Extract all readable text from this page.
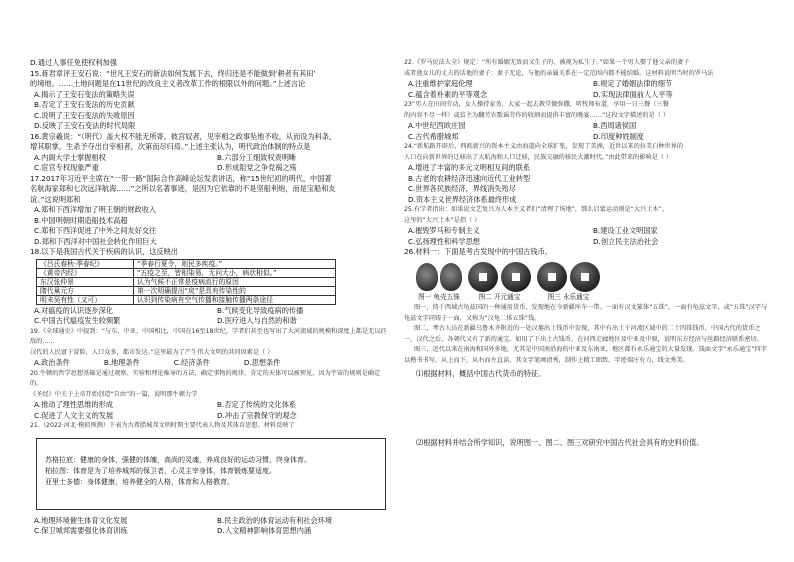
D.通过人事任免使权利加强
15.蒋君章评王安石说：“世凡王安石的新法如何发展下去，终归还是不能做到‘耕者有其田’
的境地。……土地问题是在11世纪的改良主义者改革工作的根限以外的问题。”上述言论
A.揭示了王安石变法的策略失误
B.否定了王安石变法的历史贡献
C.说明了王安石变法的失败原因
D.反映了王安石变法的时代局限
16.黄宗羲说：“（明代）盖大权不能无所寄，彼宫奴者，见宰相之政事坠地不收，从而设为科条，
增其职掌，生杀予夺出自宰相者，次第而尽归焉。”上述主张认为，明代政治体制的特点是
A.内阁大学士掌握相权	B.六部分工细致权责明晰
C.宦官专权现象严重	D.形成阻党之争党祸之殇
17.2017年习近平主席在“一带一路”国际合作高峰论坛发表讲话，称“15世纪初的明代，中国著
名航海家郑和七次远洋航海……”之所以名著事迹，是因为它依靠的不是坚船利炮，而是宝船和友
谊。”这说明郑和
A.郑和下西洋增加了明王朝的财政收入
B.中国明朝时期造船技术高超
C.郑和下西洋促进了中外之间友好交往
D.郑和下西洋对中国社会转化作用巨大
18.以下是我国古代关于疾病的认识，这反映出
《吕氏春秋·季春纪》	“季春行夏令，则民多疾疫。”
《黄帝内经》	“五疫之至，皆相染易，无问大小，病状相似。”
东汉张仲景	认为气候不正常是疫病流行的原因
隋代巢元方	第一次明确提出“戾”是具有传染性的
明末吴有性（又可）	认识到传染病有空气传播和接触传播两条途径
A.对瘟疫的认识逐步深化	B.气候变化导致疫病的传播
C.中国古代瘟疫发生较频繁	D.医疗进入与自然的和谐
19.《全球通史》中提到：“与东、中亚、中国相比，中国在16至18世纪，学者们甚至也写出了大河流域的规模和深度上都是无以匹敌的……
汉代的人民富于冒险，人口众多，都市发达。”这里最为了产生伟大文明的共同因素是（ ）
A.政治条件	B.地理条件	C.经济条件	D.思想条件
20.牛顿的哲学思想基础是通过观察、实验和理论推导的方法，确定事物的规律，肯定的天体可以被预见，因为宇宙的规则是确定的。
《圣经》中关于上帝开始创造“自由”的一篇，说明那牛顿力学
A.推动了理性思维的形成	B.否定了传统的文化体系
C.促进了人文主义的发展	D.冲击了宗教保守的观念
21.（2022·河北·模拟预测）下表为古希腊城邦文明时期主要代表人物及其体育思想。材料反映了
苏格拉底：健康的身体，强健的体魄，高尚的灵魂，养成良好的运动习惯，终身体育。
柏拉图：体育是为了培养城邦的保卫者，心灵主宰身体，体育锻炼要适度。
亚里士多德：身体健康，培养健全的人格，体育和人格教育。
A.地理环境催生体育文化发展	B.民主政治的体育运动有利社会环境
C.保卫城邦需要强化体育训练	D.人文精神影响体育思想内涵
22.《罗马民法大全》规定：“所有婚姻无效而又生子的，被视为私生子。”如果一个男人娶了他父亲的妻子
或者他女儿的丈夫的话他的妻子；妻子无论，与他的亲属关系在一定范围内都不能结婚。这材料说明当时的罗马法
A.注重维护家庭伦理	B.规定了婚姻法律的细节
C.蕴含着朴素的平等观念	D.实现法律面前人人平等
23“男人在田间劳动，女人操持家务，大家一起去教堂做弥撒，听牧师布道，享用一日三餐（三餐
的内容不尽一样）或贫主为翻劳农歌谣劳作的收割而提供丰富的晚宴……”这段文字描述的是（ ）
A.中世纪西欧庄园	B.西周诸侯国
C.古代希腊城邦	D.印度种姓制度
24.“新航路开辟后，西欧新兴的资本主义由海道向全球扩张，发现了美洲，近世以来的拉美白种世界的
人口在向新世界的迁移出了大航海和人口迁移，民族交融的移民大潮时代。”由此带来的影响是（ ）
A.增进了丰富的多元文明相互间的联系
B.古老的农耕经济迅速向近代工业转型
C.世界各民族经济，界线消失殆尽
D.资本主义世界经济体系最终形成
25.有学者指出：如果说文艺复兴为人本主义者们“清理了场地”，那么启蒙运动则是“大兴土木”。
这里的“大兴土木”是指（ ）
A.摧毁罗马和专制主义	B.建设工业文明国家
C.弘扬理性和科学思想	D.创立民主法治社会
26.材料一：下面是考古发现中的中国古钱币。
图一 龟壳五铢	图二 开元通宝	图三 永乐通宝
图一，铸于西域古龟兹国的一种通用货币，发现地在今新疆库车一带。一面有汉文篆体“五铢”，一面有龟兹文字，或“五铢”汉字与龟兹文字同铸于一面，又称为“汉龟二体五铢”钱。
图二，考古人员在新疆乌鲁木齐附近的一处汉墓出土钱币中发现，其中有出土于河流区域中的二十四铢钱币，中国古代的货币之一，汉代之后，各朝代又有了新的通宝。如用了下出土古钱币，在河西走廊地区及中亚及中原，说明东方经济与丝路经济联系密切。
图三，近代以来在南海和国外多地，尤其是中国南沿海的中亚及东南亚，地区都有永乐通宝的大量发现。钱面文字“永乐通宝”四字以楷书书写，从上而下，从右而左直读，其文字笔画清秀，制作上精工细致，字迹端庄有力，线文秀美。
⑴根据材料，概括中国古代货币的特征。
⑵根据材料并结合所学知识，说明图一、图二、图三对研究中国古代社会具有的史料价值。
